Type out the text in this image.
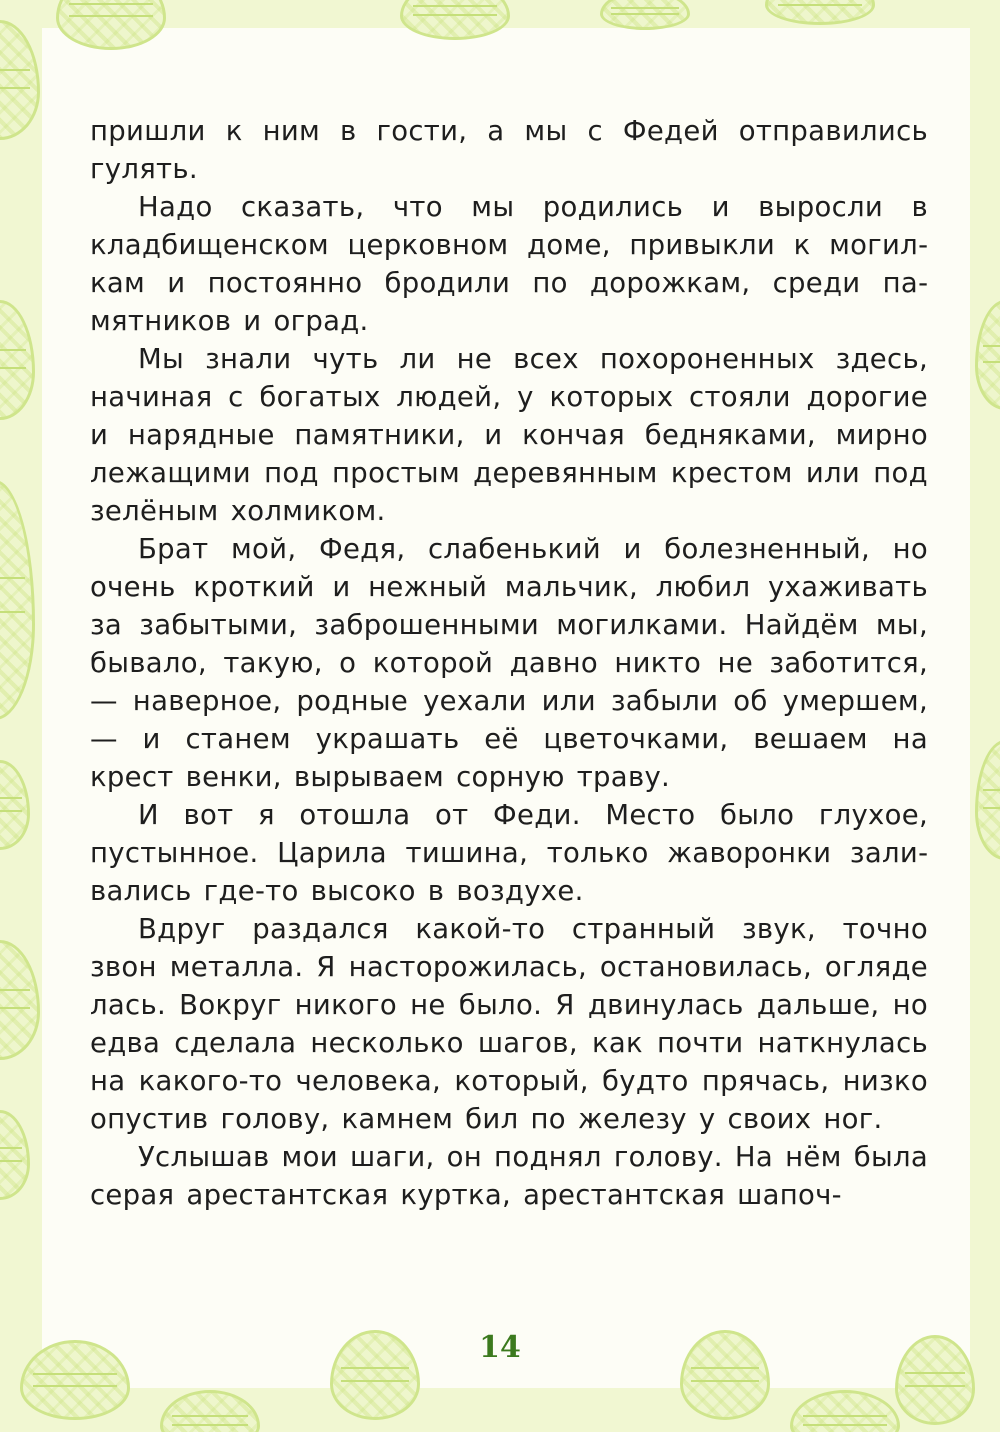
пришли к ним в гости, а мы с Федей отправились гулять.

Надо сказать, что мы родились и выросли в кладбищенском церковном доме, привыкли к могилкам и постоянно бродили по дорожкам, среди памятников и оград.

Мы знали чуть ли не всех похороненных здесь, начиная с богатых людей, у которых стояли дорогие и нарядные памятники, и кончая бедняками, мирно лежащими под простым деревянным крестом или под зелёным холмиком.

Брат мой, Федя, слабенький и болезненный, но очень кроткий и нежный мальчик, любил ухаживать за забытыми, заброшенными могилками. Найдём мы, бывало, такую, о которой давно никто не заботится, — наверное, родные уехали или забыли об умершем, — и станем украшать её цветочками, вешаем на крест венки, вырываем сорную траву.

И вот я отошла от Феди. Место было глухое, пустынное. Царила тишина, только жаворонки заливались где-то высоко в воздухе.

Вдруг раздался какой-то странный звук, точно звон металла. Я насторожилась, остановилась, огляде лась. Вокруг никого не было. Я двинулась дальше, но едва сделала несколько шагов, как почти наткнулась на какого-то человека, который, будто прячась, низко опустив голову, камнем бил по железу у своих ног.

Услышав мои шаги, он поднял голову. На нём была серая арестантская куртка, арестантская шапоч-

14
